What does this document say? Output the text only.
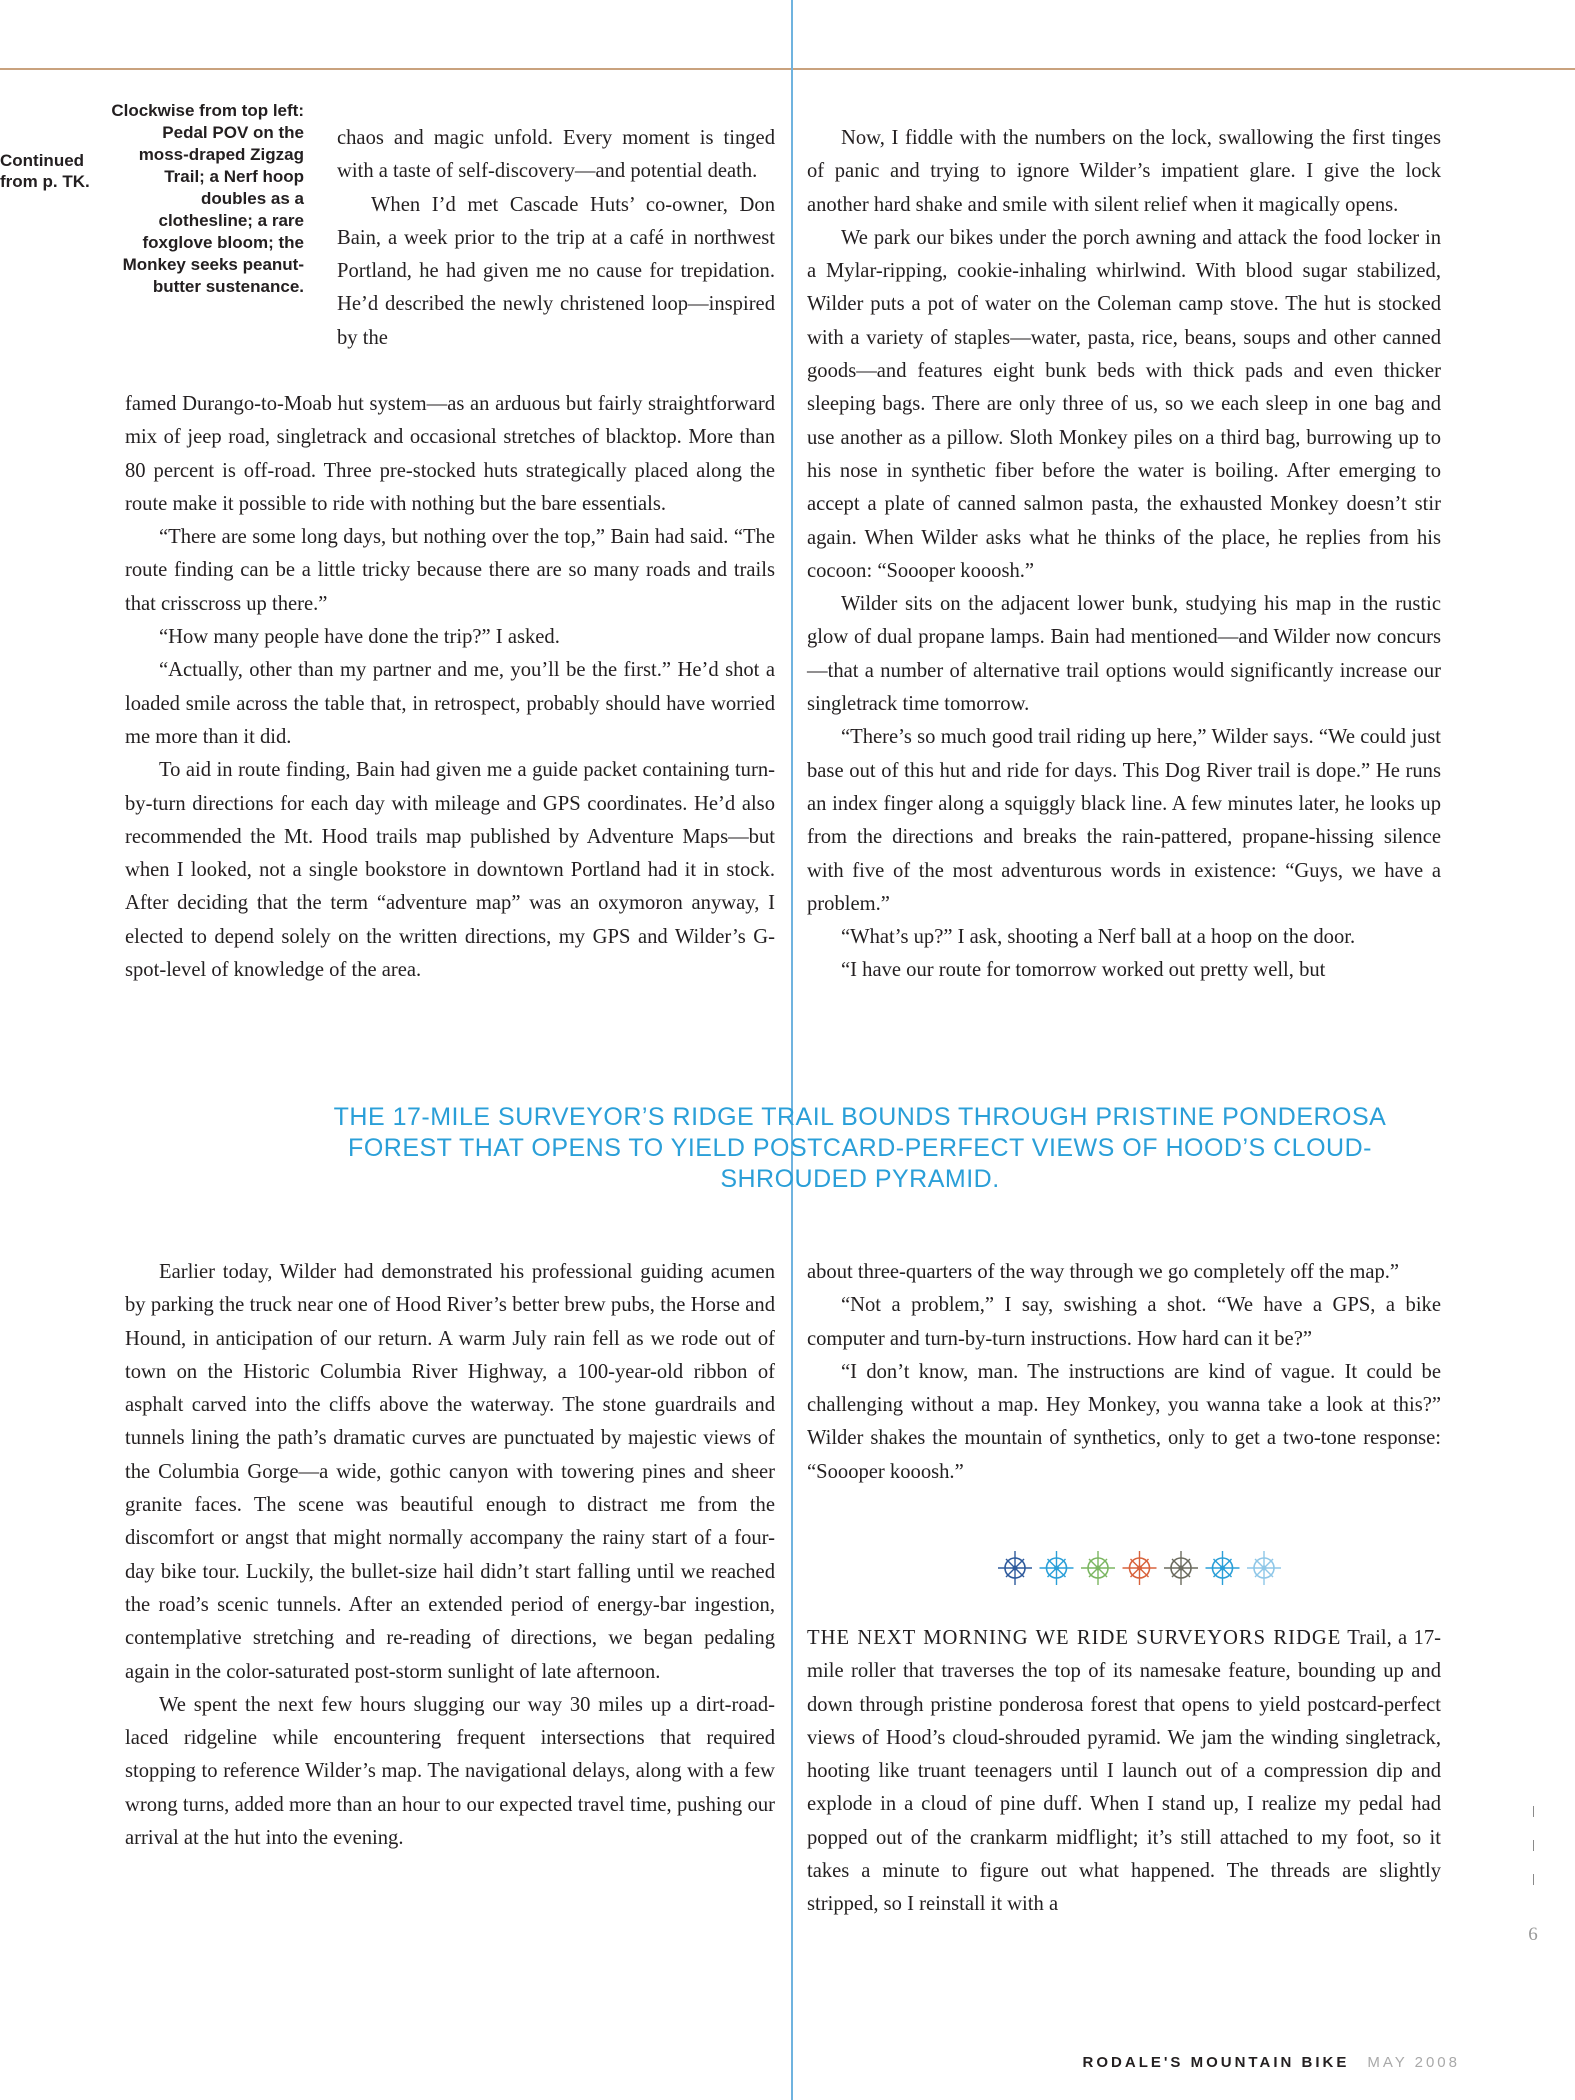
Continued from p. TK.
Clockwise from top left: Pedal POV on the moss-draped Zigzag Trail; a Nerf hoop doubles as a clothesline; a rare foxglove bloom; the Monkey seeks peanut-butter sustenance.

chaos and magic unfold. Every moment is tinged with a taste of self-discovery—and potential death.

When I’d met Cascade Huts’ co-owner, Don Bain, a week prior to the trip at a café in northwest Portland, he had given me no cause for trepidation. He’d described the newly christened loop—inspired by the

famed Durango-to-Moab hut system—as an arduous but fairly straightforward mix of jeep road, singletrack and occasional stretches of blacktop. More than 80 percent is off-road. Three pre-stocked huts strategically placed along the route make it possible to ride with nothing but the bare essentials.

“There are some long days, but nothing over the top,” Bain had said. “The route finding can be a little tricky because there are so many roads and trails that crisscross up there.”

“How many people have done the trip?” I asked.

“Actually, other than my partner and me, you’ll be the first.” He’d shot a loaded smile across the table that, in retrospect, probably should have worried me more than it did.

To aid in route finding, Bain had given me a guide packet containing turn-by-turn directions for each day with mileage and GPS coordinates. He’d also recommended the Mt. Hood trails map published by Adventure Maps—but when I looked, not a single bookstore in downtown Portland had it in stock. After deciding that the term “adventure map” was an oxymoron anyway, I elected to depend solely on the written directions, my GPS and Wilder’s G-spot-level of knowledge of the area.

Now, I fiddle with the numbers on the lock, swallowing the first tinges of panic and trying to ignore Wilder’s impatient glare. I give the lock another hard shake and smile with silent relief when it magically opens.

We park our bikes under the porch awning and attack the food locker in a Mylar-ripping, cookie-inhaling whirlwind. With blood sugar stabilized, Wilder puts a pot of water on the Coleman camp stove. The hut is stocked with a variety of staples—water, pasta, rice, beans, soups and other canned goods—and features eight bunk beds with thick pads and even thicker sleeping bags. There are only three of us, so we each sleep in one bag and use another as a pillow. Sloth Monkey piles on a third bag, burrowing up to his nose in synthetic fiber before the water is boiling. After emerging to accept a plate of canned salmon pasta, the exhausted Monkey doesn’t stir again. When Wilder asks what he thinks of the place, he replies from his cocoon: “Soooper kooosh.”

Wilder sits on the adjacent lower bunk, studying his map in the rustic glow of dual propane lamps. Bain had mentioned—and Wilder now concurs—that a number of alternative trail options would significantly increase our singletrack time tomorrow.

“There’s so much good trail riding up here,” Wilder says. “We could just base out of this hut and ride for days. This Dog River trail is dope.” He runs an index finger along a squiggly black line. A few minutes later, he looks up from the directions and breaks the rain-pattered, propane-hissing silence with five of the most adventurous words in existence: “Guys, we have a problem.”

“What’s up?” I ask, shooting a Nerf ball at a hoop on the door.

“I have our route for tomorrow worked out pretty well, but

THE 17-MILE SURVEYOR’S RIDGE TRAIL BOUNDS THROUGH PRISTINE PONDEROSA FOREST THAT OPENS TO YIELD POSTCARD-PERFECT VIEWS OF HOOD’S CLOUD-SHROUDED PYRAMID.

Earlier today, Wilder had demonstrated his professional guiding acumen by parking the truck near one of Hood River’s better brew pubs, the Horse and Hound, in anticipation of our return. A warm July rain fell as we rode out of town on the Historic Columbia River Highway, a 100-year-old ribbon of asphalt carved into the cliffs above the waterway. The stone guardrails and tunnels lining the path’s dramatic curves are punctuated by majestic views of the Columbia Gorge—a wide, gothic canyon with towering pines and sheer granite faces. The scene was beautiful enough to distract me from the discomfort or angst that might normally accompany the rainy start of a four-day bike tour. Luckily, the bullet-size hail didn’t start falling until we reached the road’s scenic tunnels. After an extended period of energy-bar ingestion, contemplative stretching and re-reading of directions, we began pedaling again in the color-saturated post-storm sunlight of late afternoon.

We spent the next few hours slugging our way 30 miles up a dirt-road-laced ridgeline while encountering frequent intersections that required stopping to reference Wilder’s map. The navigational delays, along with a few wrong turns, added more than an hour to our expected travel time, pushing our arrival at the hut into the evening.

about three-quarters of the way through we go completely off the map.”

“Not a problem,” I say, swishing a shot. “We have a GPS, a bike computer and turn-by-turn instructions. How hard can it be?”

“I don’t know, man. The instructions are kind of vague. It could be challenging without a map. Hey Monkey, you wanna take a look at this?” Wilder shakes the mountain of synthetics, only to get a two-tone response: “Soooper kooosh.”

THE NEXT MORNING WE RIDE SURVEYORS RIDGE Trail, a 17-mile roller that traverses the top of its namesake feature, bounding up and down through pristine ponderosa forest that opens to yield postcard-perfect views of Hood’s cloud-shrouded pyramid. We jam the winding singletrack, hooting like truant teenagers until I launch out of a compression dip and explode in a cloud of pine duff. When I stand up, I realize my pedal had popped out of the crankarm midflight; it’s still attached to my foot, so it takes a minute to figure out what happened. The threads are slightly stripped, so I reinstall it with a

6
RODALE'S MOUNTAIN BIKE MAY 2008
